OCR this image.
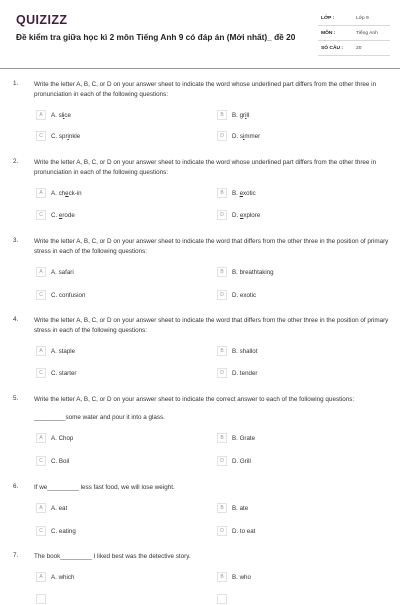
QUIZIZZ
Đề kiểm tra giữa học kì 2 môn Tiếng Anh 9 có đáp án (Mới nhất)_ đề 20
LỚP :	Lớp 9
MÔN :	Tiếng Anh
SỐ CÂU :	20
1. Write the letter A, B, C, or D on your answer sheet to indicate the word whose underlined part differs from the other three in pronunciation in each of the following questions:
A	A. slice	B	B. grill
C	C. sprinkle	D	D. simmer
2. Write the letter A, B, C, or D on your answer sheet to indicate the word whose underlined part differs from the other three in pronunciation in each of the following questions:
A	A. check-in	B	B. exotic
C	C. erode	D	D. explore
3. Write the letter A, B, C, or D on your answer sheet to indicate the word that differs from the other three in the position of primary stress in each of the following questions:
A	A. safari	B	B. breathtaking
C	C. confusion	D	D. exotic
4. Write the letter A, B, C, or D on your answer sheet to indicate the word that differs from the other three in the position of primary stress in each of the following questions:
A	A. staple	B	B. shallot
C	C. starter	D	D. tender
5. Write the letter A, B, C, or D on your answer sheet to indicate the correct answer to each of the following questions:
_________some water and pour it into a glass.
A	A. Chop	B	B. Grate
C	C. Boil	D	D. Grill
6. If we_________ less fast food, we will lose weight.
A	A. eat	B	B. ate
C	C. eating	D	D. to eat
7. The book_________ I liked best was the detective story.
A	A. which	B	B. who
